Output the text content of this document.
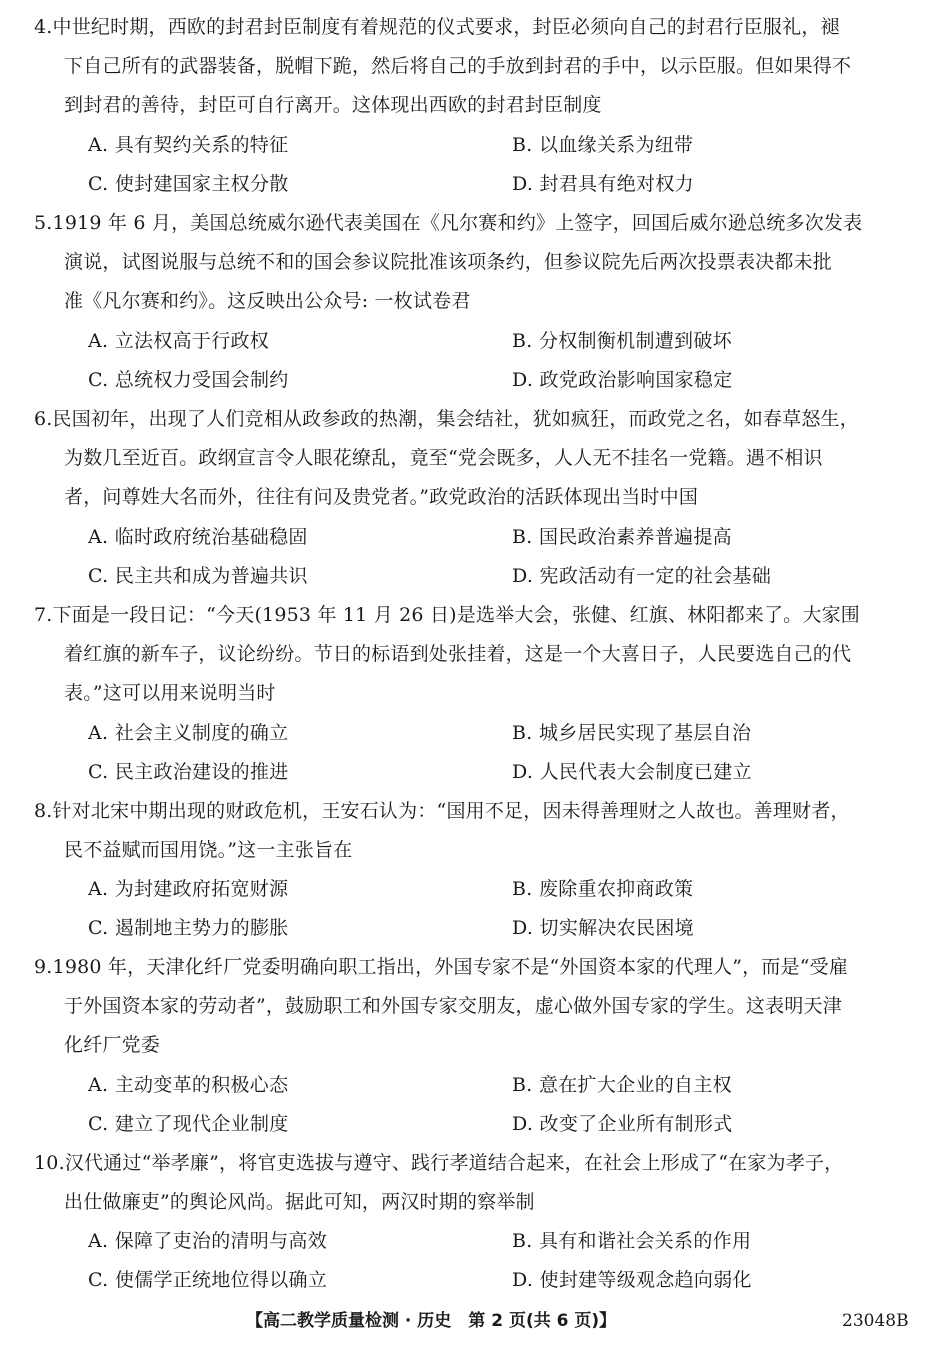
4.中世纪时期，西欧的封君封臣制度有着规范的仪式要求，封臣必须向自己的封君行臣服礼，褪
下自己所有的武器装备，脱帽下跪，然后将自己的手放到封君的手中，以示臣服。但如果得不
到封君的善待，封臣可自行离开。这体现出西欧的封君封臣制度
A. 具有契约关系的特征	B. 以血缘关系为纽带
C. 使封建国家主权分散	D. 封君具有绝对权力
5.1919 年 6 月，美国总统威尔逊代表美国在《凡尔赛和约》上签字，回国后威尔逊总统多次发表
演说，试图说服与总统不和的国会参议院批准该项条约，但参议院先后两次投票表决都未批
准《凡尔赛和约》。这反映出公众号: 一枚试卷君
A. 立法权高于行政权	B. 分权制衡机制遭到破坏
C. 总统权力受国会制约	D. 政党政治影响国家稳定
6.民国初年，出现了人们竞相从政参政的热潮，集会结社，犹如疯狂，而政党之名，如春草怒生，
为数几至近百。政纲宣言令人眼花缭乱，竟至“党会既多，人人无不挂名一党籍。遇不相识
者，问尊姓大名而外，往往有问及贵党者。”政党政治的活跃体现出当时中国
A. 临时政府统治基础稳固	B. 国民政治素养普遍提高
C. 民主共和成为普遍共识	D. 宪政活动有一定的社会基础
7.下面是一段日记：“今天(1953 年 11 月 26 日)是选举大会，张健、红旗、林阳都来了。大家围
着红旗的新车子，议论纷纷。节日的标语到处张挂着，这是一个大喜日子，人民要选自己的代
表。”这可以用来说明当时
A. 社会主义制度的确立	B. 城乡居民实现了基层自治
C. 民主政治建设的推进	D. 人民代表大会制度已建立
8.针对北宋中期出现的财政危机，王安石认为：“国用不足，因未得善理财之人故也。善理财者，
民不益赋而国用饶。”这一主张旨在
A. 为封建政府拓宽财源	B. 废除重农抑商政策
C. 遏制地主势力的膨胀	D. 切实解决农民困境
9.1980 年，天津化纤厂党委明确向职工指出，外国专家不是“外国资本家的代理人”，而是“受雇
于外国资本家的劳动者”，鼓励职工和外国专家交朋友，虚心做外国专家的学生。这表明天津
化纤厂党委
A. 主动变革的积极心态	B. 意在扩大企业的自主权
C. 建立了现代企业制度	D. 改变了企业所有制形式
10.汉代通过“举孝廉”，将官吏选拔与遵守、践行孝道结合起来，在社会上形成了“在家为孝子，
出仕做廉吏”的舆论风尚。据此可知，两汉时期的察举制
A. 保障了吏治的清明与高效	B. 具有和谐社会关系的作用
C. 使儒学正统地位得以确立	D. 使封建等级观念趋向弱化
【高二教学质量检测 · 历史　第 2 页(共 6 页)】	23048B
